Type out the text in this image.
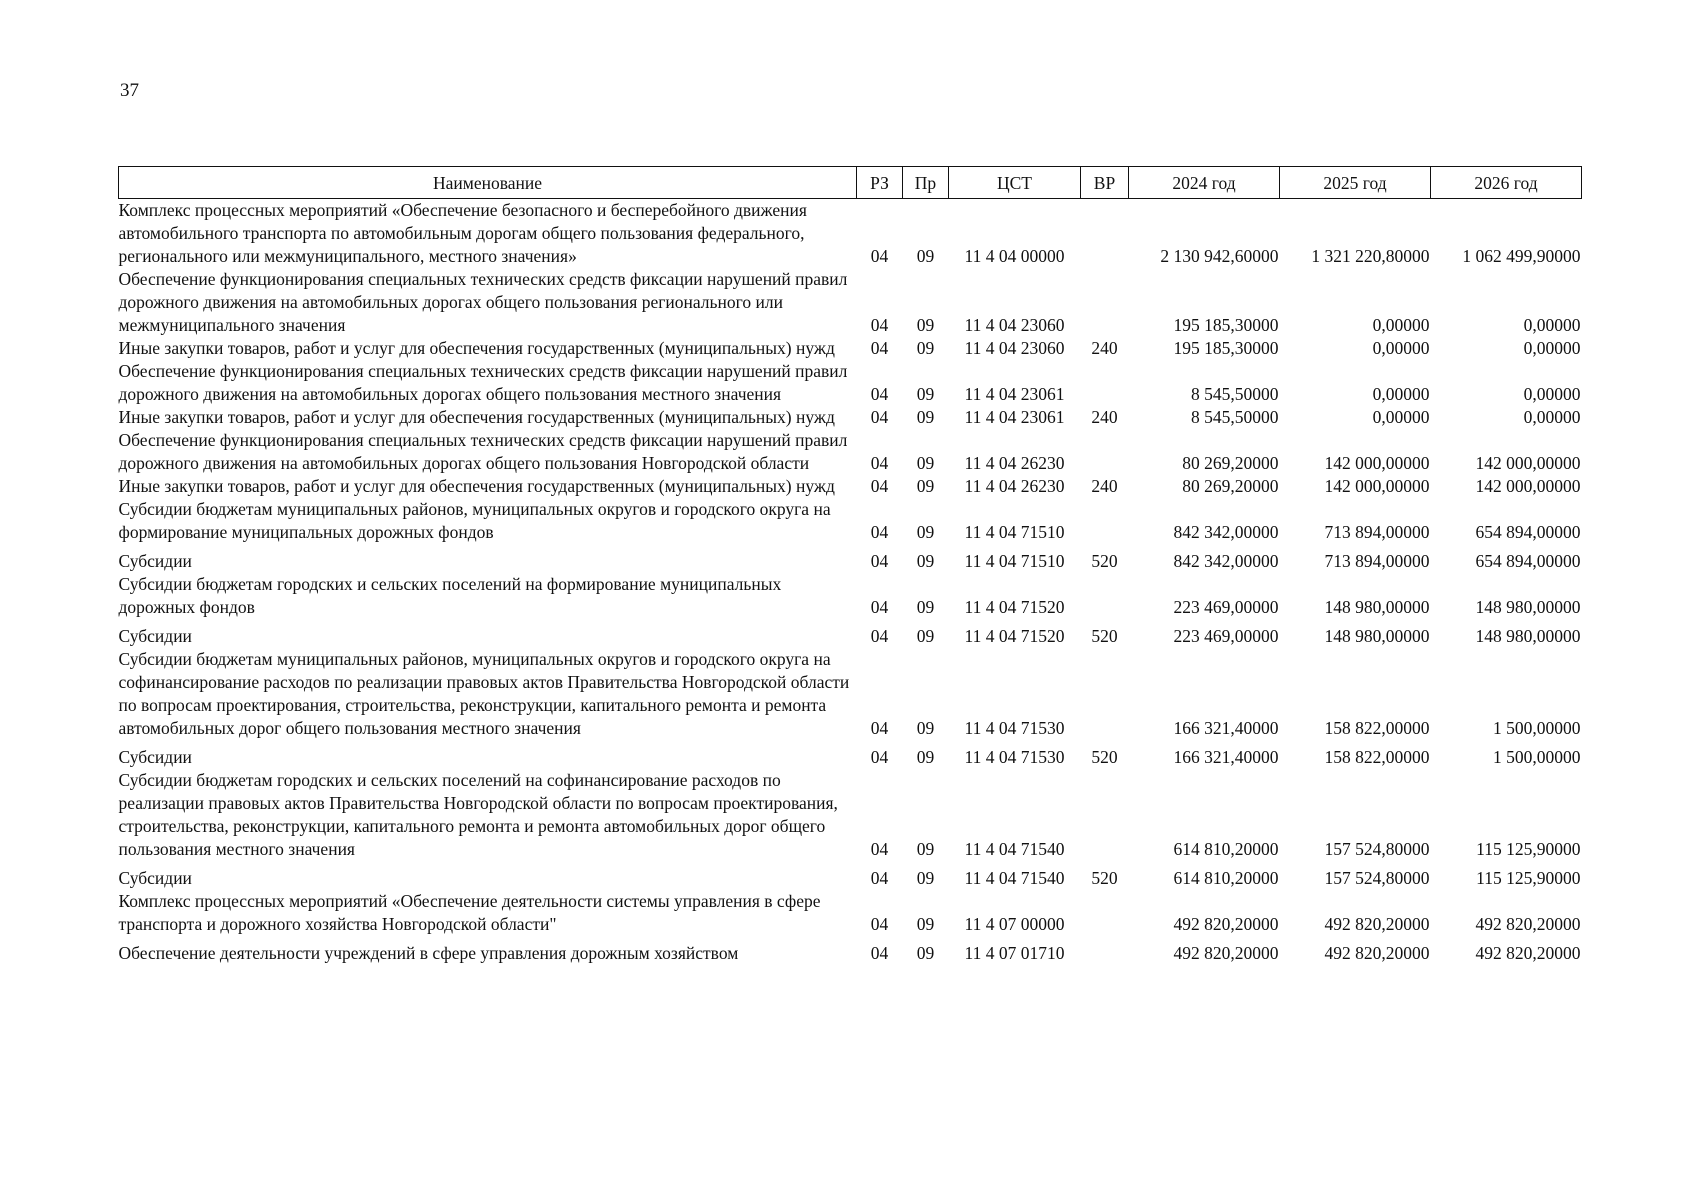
37
Наименование	РЗ	Пр	ЦСТ	ВР	2024 год	2025 год	2026 год
Комплекс процессных мероприятий «Обеспечение безопасного и бесперебойного движения автомобильного транспорта по автомобильным дорогам общего пользования федерального, регионального или межмуниципального, местного значения»	04	09	11 4 04 00000		2 130 942,60000	1 321 220,80000	1 062 499,90000
Обеспечение функционирования специальных технических средств фиксации нарушений правил дорожного движения на автомобильных дорогах общего пользования регионального или межмуниципального значения	04	09	11 4 04 23060		195 185,30000	0,00000	0,00000
Иные закупки товаров, работ и услуг для обеспечения государственных (муниципальных) нужд	04	09	11 4 04 23060	240	195 185,30000	0,00000	0,00000
Обеспечение функционирования специальных технических средств фиксации нарушений правил дорожного движения на автомобильных дорогах общего пользования местного значения	04	09	11 4 04 23061		8 545,50000	0,00000	0,00000
Иные закупки товаров, работ и услуг для обеспечения государственных (муниципальных) нужд	04	09	11 4 04 23061	240	8 545,50000	0,00000	0,00000
Обеспечение функционирования специальных технических средств фиксации нарушений правил дорожного движения на автомобильных дорогах общего пользования Новгородской области	04	09	11 4 04 26230		80 269,20000	142 000,00000	142 000,00000
Иные закупки товаров, работ и услуг для обеспечения государственных (муниципальных) нужд	04	09	11 4 04 26230	240	80 269,20000	142 000,00000	142 000,00000
Субсидии бюджетам муниципальных районов, муниципальных округов и городского округа на формирование муниципальных дорожных фондов	04	09	11 4 04 71510		842 342,00000	713 894,00000	654 894,00000
Субсидии	04	09	11 4 04 71510	520	842 342,00000	713 894,00000	654 894,00000
Субсидии бюджетам городских и сельских поселений на формирование муниципальных дорожных фондов	04	09	11 4 04 71520		223 469,00000	148 980,00000	148 980,00000
Субсидии	04	09	11 4 04 71520	520	223 469,00000	148 980,00000	148 980,00000
Субсидии бюджетам муниципальных районов, муниципальных округов и городского округа на софинансирование расходов по реализации правовых актов Правительства Новгородской области по вопросам проектирования, строительства, реконструкции, капитального ремонта и ремонта автомобильных дорог общего пользования местного значения	04	09	11 4 04 71530		166 321,40000	158 822,00000	1 500,00000
Субсидии	04	09	11 4 04 71530	520	166 321,40000	158 822,00000	1 500,00000
Субсидии бюджетам городских и сельских поселений на софинансирование расходов по реализации правовых актов Правительства Новгородской области по вопросам проектирования, строительства, реконструкции, капитального ремонта и ремонта автомобильных дорог общего пользования местного значения	04	09	11 4 04 71540		614 810,20000	157 524,80000	115 125,90000
Субсидии	04	09	11 4 04 71540	520	614 810,20000	157 524,80000	115 125,90000
Комплекс процессных мероприятий «Обеспечение деятельности системы управления в сфере транспорта и дорожного хозяйства Новгородской области"	04	09	11 4 07 00000		492 820,20000	492 820,20000	492 820,20000
Обеспечение деятельности учреждений в сфере управления дорожным хозяйством	04	09	11 4 07 01710		492 820,20000	492 820,20000	492 820,20000
